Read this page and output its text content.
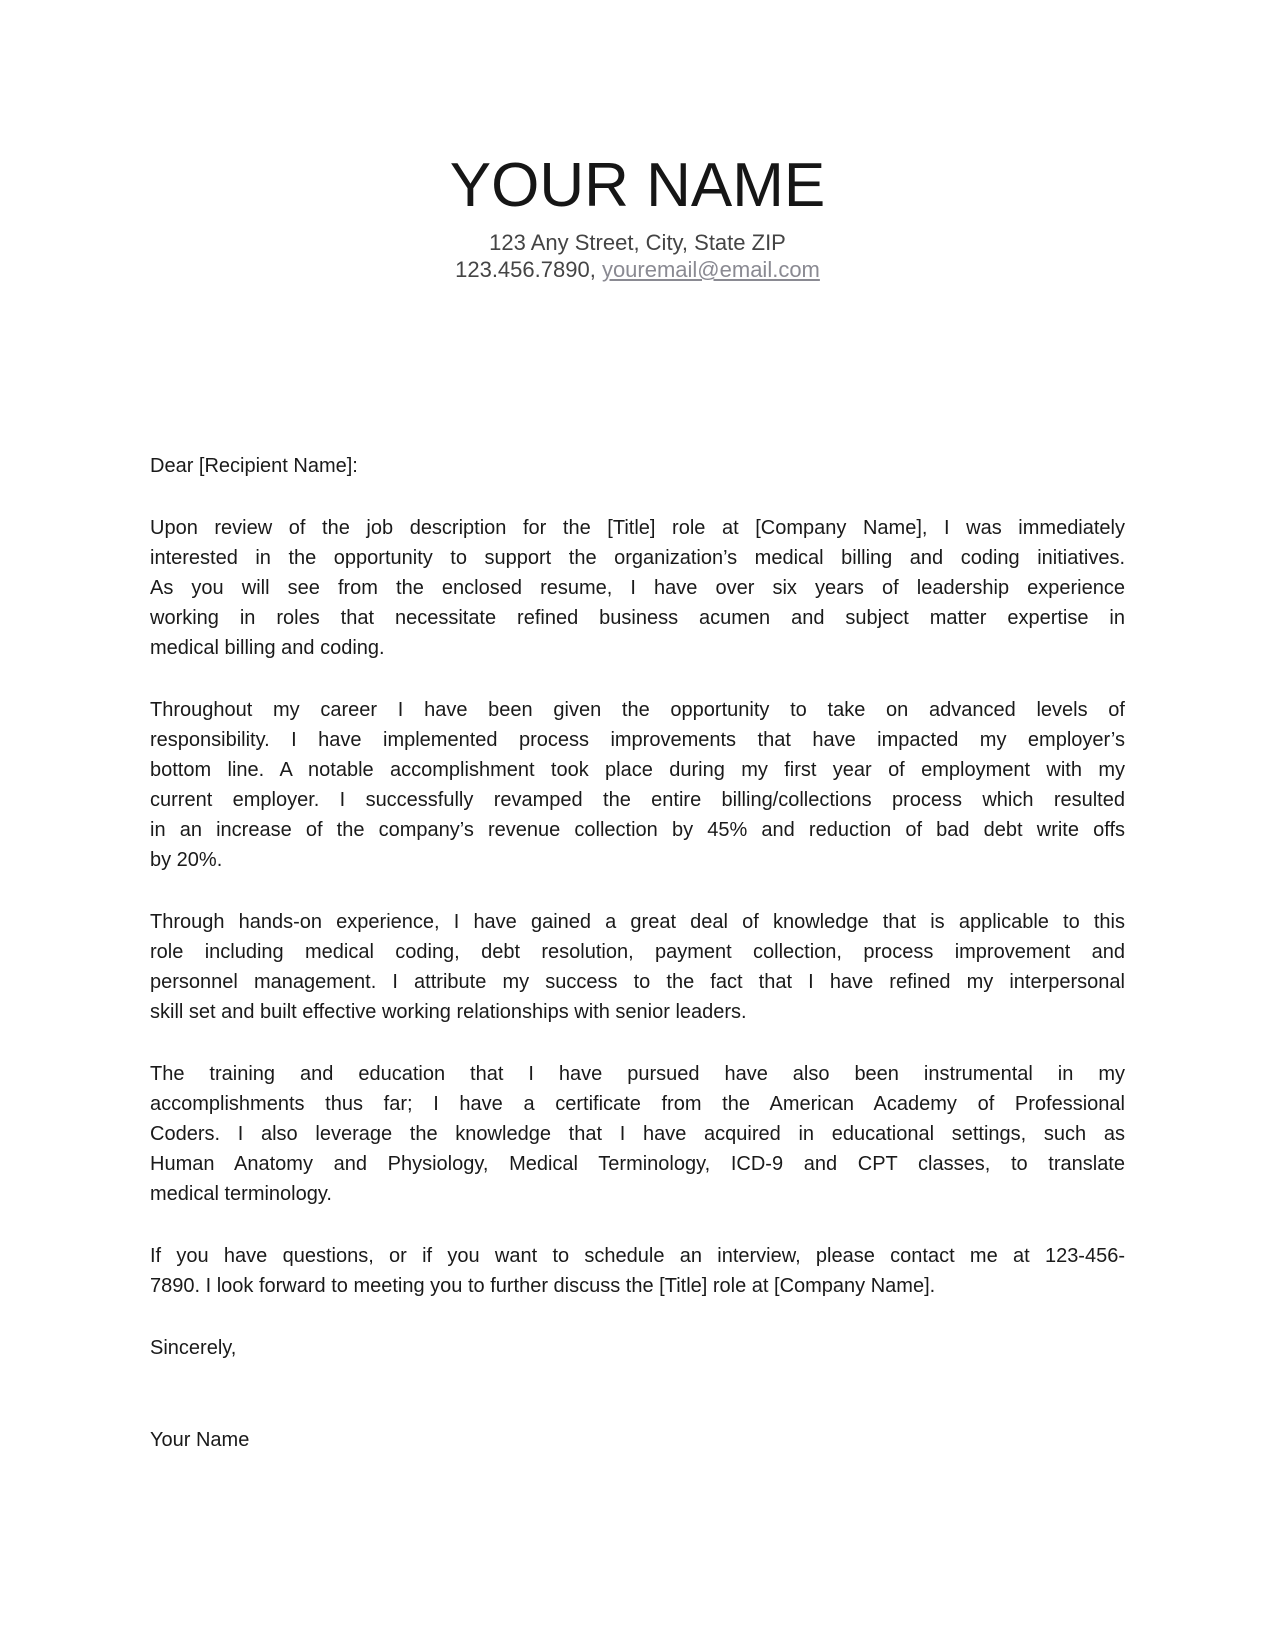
YOUR NAME
123 Any Street, City, State ZIP
123.456.7890, youremail@email.com
Dear [Recipient Name]:
Upon review of the job description for the [Title] role at [Company Name], I was immediately
interested in the opportunity to support the organization’s medical billing and coding initiatives.
As you will see from the enclosed resume, I have over six years of leadership experience
working in roles that necessitate refined business acumen and subject matter expertise in
medical billing and coding.
Throughout my career I have been given the opportunity to take on advanced levels of
responsibility. I have implemented process improvements that have impacted my employer’s
bottom line. A notable accomplishment took place during my first year of employment with my
current employer. I successfully revamped the entire billing/collections process which resulted
in an increase of the company’s revenue collection by 45% and reduction of bad debt write offs
by 20%.
Through hands-on experience, I have gained a great deal of knowledge that is applicable to this
role including medical coding, debt resolution, payment collection, process improvement and
personnel management. I attribute my success to the fact that I have refined my interpersonal
skill set and built effective working relationships with senior leaders.
The training and education that I have pursued have also been instrumental in my
accomplishments thus far; I have a certificate from the American Academy of Professional
Coders. I also leverage the knowledge that I have acquired in educational settings, such as
Human Anatomy and Physiology, Medical Terminology, ICD-9 and CPT classes, to translate
medical terminology.
If you have questions, or if you want to schedule an interview, please contact me at 123-456-
7890. I look forward to meeting you to further discuss the [Title] role at [Company Name].
Sincerely,
Your Name
